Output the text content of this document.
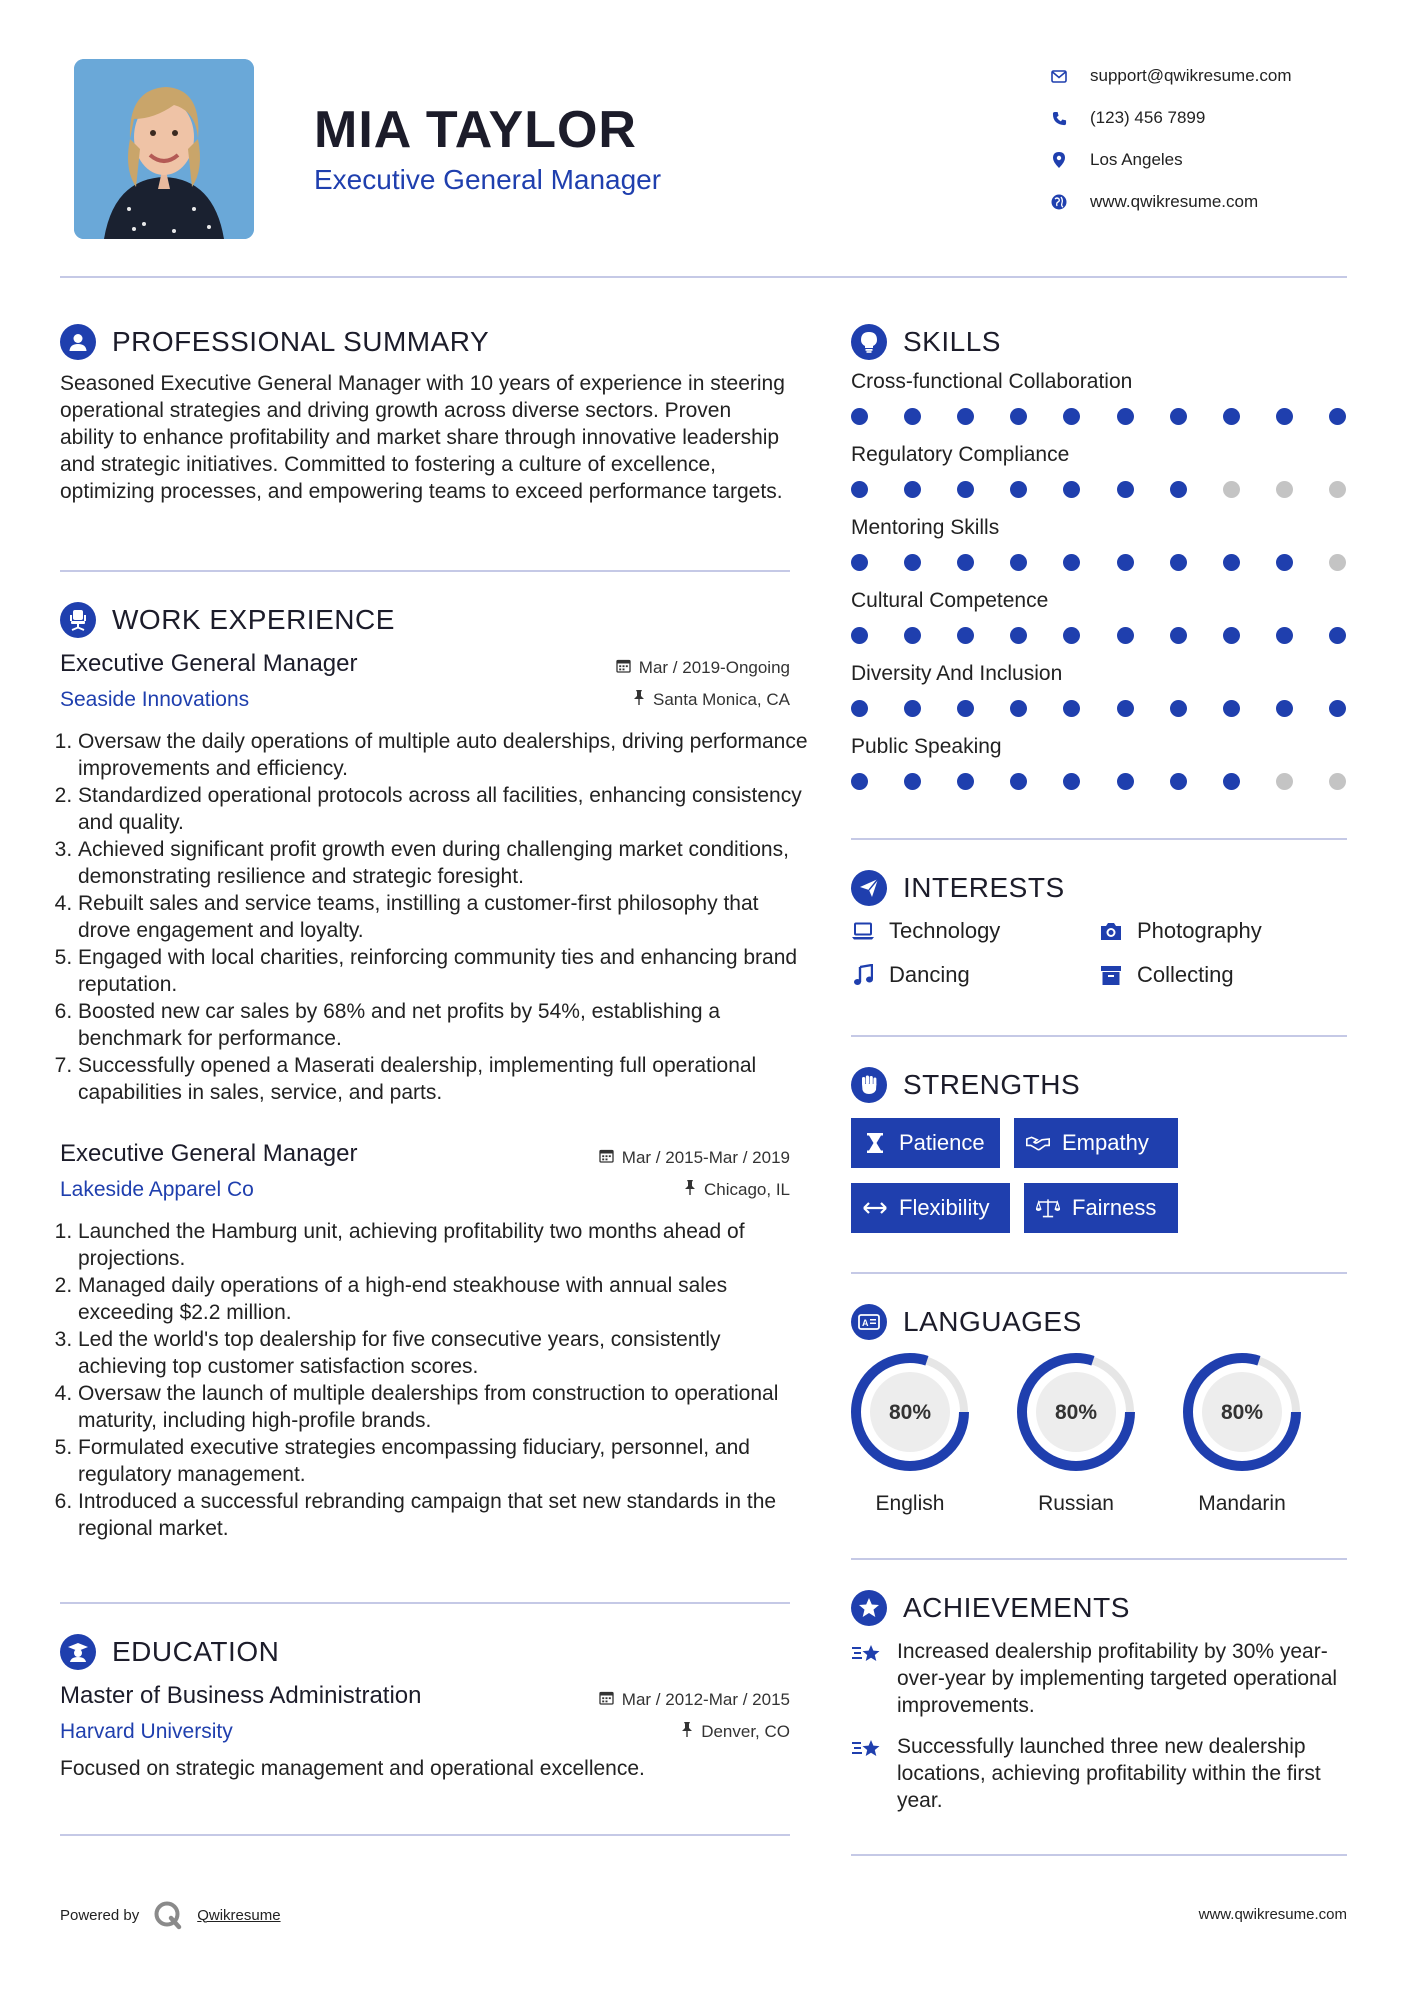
MIA TAYLOR
Executive General Manager
support@qwikresume.com
(123) 456 7899
Los Angeles
www.qwikresume.com
PROFESSIONAL SUMMARY
Seasoned Executive General Manager with 10 years of experience in steering operational strategies and driving growth across diverse sectors. Proven ability to enhance profitability and market share through innovative leadership and strategic initiatives. Committed to fostering a culture of excellence, optimizing processes, and empowering teams to exceed performance targets.
WORK EXPERIENCE
Executive General Manager	Mar / 2019-Ongoing
Seaside Innovations	Santa Monica, CA
1. Oversaw the daily operations of multiple auto dealerships, driving performance improvements and efficiency.
2. Standardized operational protocols across all facilities, enhancing consistency and quality.
3. Achieved significant profit growth even during challenging market conditions, demonstrating resilience and strategic foresight.
4. Rebuilt sales and service teams, instilling a customer-first philosophy that drove engagement and loyalty.
5. Engaged with local charities, reinforcing community ties and enhancing brand reputation.
6. Boosted new car sales by 68% and net profits by 54%, establishing a benchmark for performance.
7. Successfully opened a Maserati dealership, implementing full operational capabilities in sales, service, and parts.
Executive General Manager	Mar / 2015-Mar / 2019
Lakeside Apparel Co	Chicago, IL
1. Launched the Hamburg unit, achieving profitability two months ahead of projections.
2. Managed daily operations of a high-end steakhouse with annual sales exceeding $2.2 million.
3. Led the world's top dealership for five consecutive years, consistently achieving top customer satisfaction scores.
4. Oversaw the launch of multiple dealerships from construction to operational maturity, including high-profile brands.
5. Formulated executive strategies encompassing fiduciary, personnel, and regulatory management.
6. Introduced a successful rebranding campaign that set new standards in the regional market.
EDUCATION
Master of Business Administration	Mar / 2012-Mar / 2015
Harvard University	Denver, CO
Focused on strategic management and operational excellence.
SKILLS
Cross-functional Collaboration
Regulatory Compliance
Mentoring Skills
Cultural Competence
Diversity And Inclusion
Public Speaking
INTERESTS
Technology	Photography
Dancing	Collecting
STRENGTHS
Patience	Empathy
Flexibility	Fairness
A LANGUAGES
80%
English
80%
Russian
80%
Mandarin
ACHIEVEMENTS
Increased dealership profitability by 30% year-over-year by implementing targeted operational improvements.
Successfully launched three new dealership locations, achieving profitability within the first year.
Powered by	Qwikresume	www.qwikresume.com
